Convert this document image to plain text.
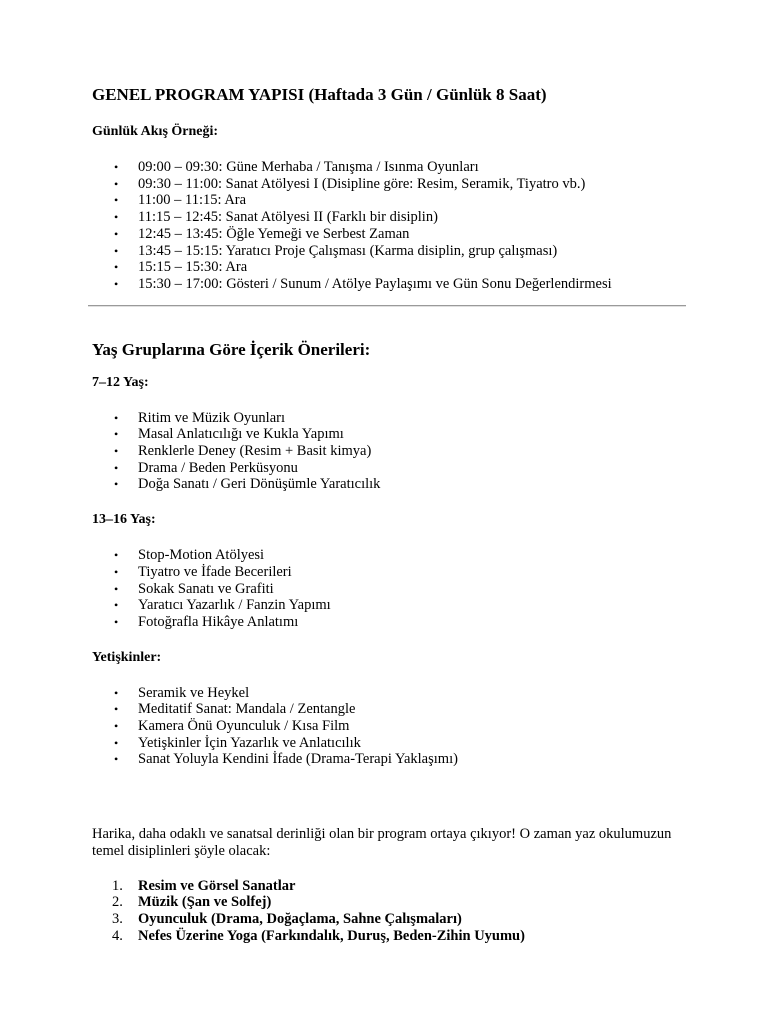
GENEL PROGRAM YAPISI (Haftada 3 Gün / Günlük 8 Saat)
Günlük Akış Örneği:
• 09:00 – 09:30: Güne Merhaba / Tanışma / Isınma Oyunları
• 09:30 – 11:00: Sanat Atölyesi I (Disipline göre: Resim, Seramik, Tiyatro vb.)
• 11:00 – 11:15: Ara
• 11:15 – 12:45: Sanat Atölyesi II (Farklı bir disiplin)
• 12:45 – 13:45: Öğle Yemeği ve Serbest Zaman
• 13:45 – 15:15: Yaratıcı Proje Çalışması (Karma disiplin, grup çalışması)
• 15:15 – 15:30: Ara
• 15:30 – 17:00: Gösteri / Sunum / Atölye Paylaşımı ve Gün Sonu Değerlendirmesi
Yaş Gruplarına Göre İçerik Önerileri:
7–12 Yaş:
• Ritim ve Müzik Oyunları
• Masal Anlatıcılığı ve Kukla Yapımı
• Renklerle Deney (Resim + Basit kimya)
• Drama / Beden Perküsyonu
• Doğa Sanatı / Geri Dönüşümle Yaratıcılık
13–16 Yaş:
• Stop-Motion Atölyesi
• Tiyatro ve İfade Becerileri
• Sokak Sanatı ve Grafiti
• Yaratıcı Yazarlık / Fanzin Yapımı
• Fotoğrafla Hikâye Anlatımı
Yetişkinler:
• Seramik ve Heykel
• Meditatif Sanat: Mandala / Zentangle
• Kamera Önü Oyunculuk / Kısa Film
• Yetişkinler İçin Yazarlık ve Anlatıcılık
• Sanat Yoluyla Kendini İfade (Drama-Terapi Yaklaşımı)

Harika, daha odaklı ve sanatsal derinliği olan bir program ortaya çıkıyor! O zaman yaz okulumuzun temel disiplinleri şöyle olacak:

1. Resim ve Görsel Sanatlar
2. Müzik (Şan ve Solfej)
3. Oyunculuk (Drama, Doğaçlama, Sahne Çalışmaları)
4. Nefes Üzerine Yoga (Farkındalık, Duruş, Beden-Zihin Uyumu)
